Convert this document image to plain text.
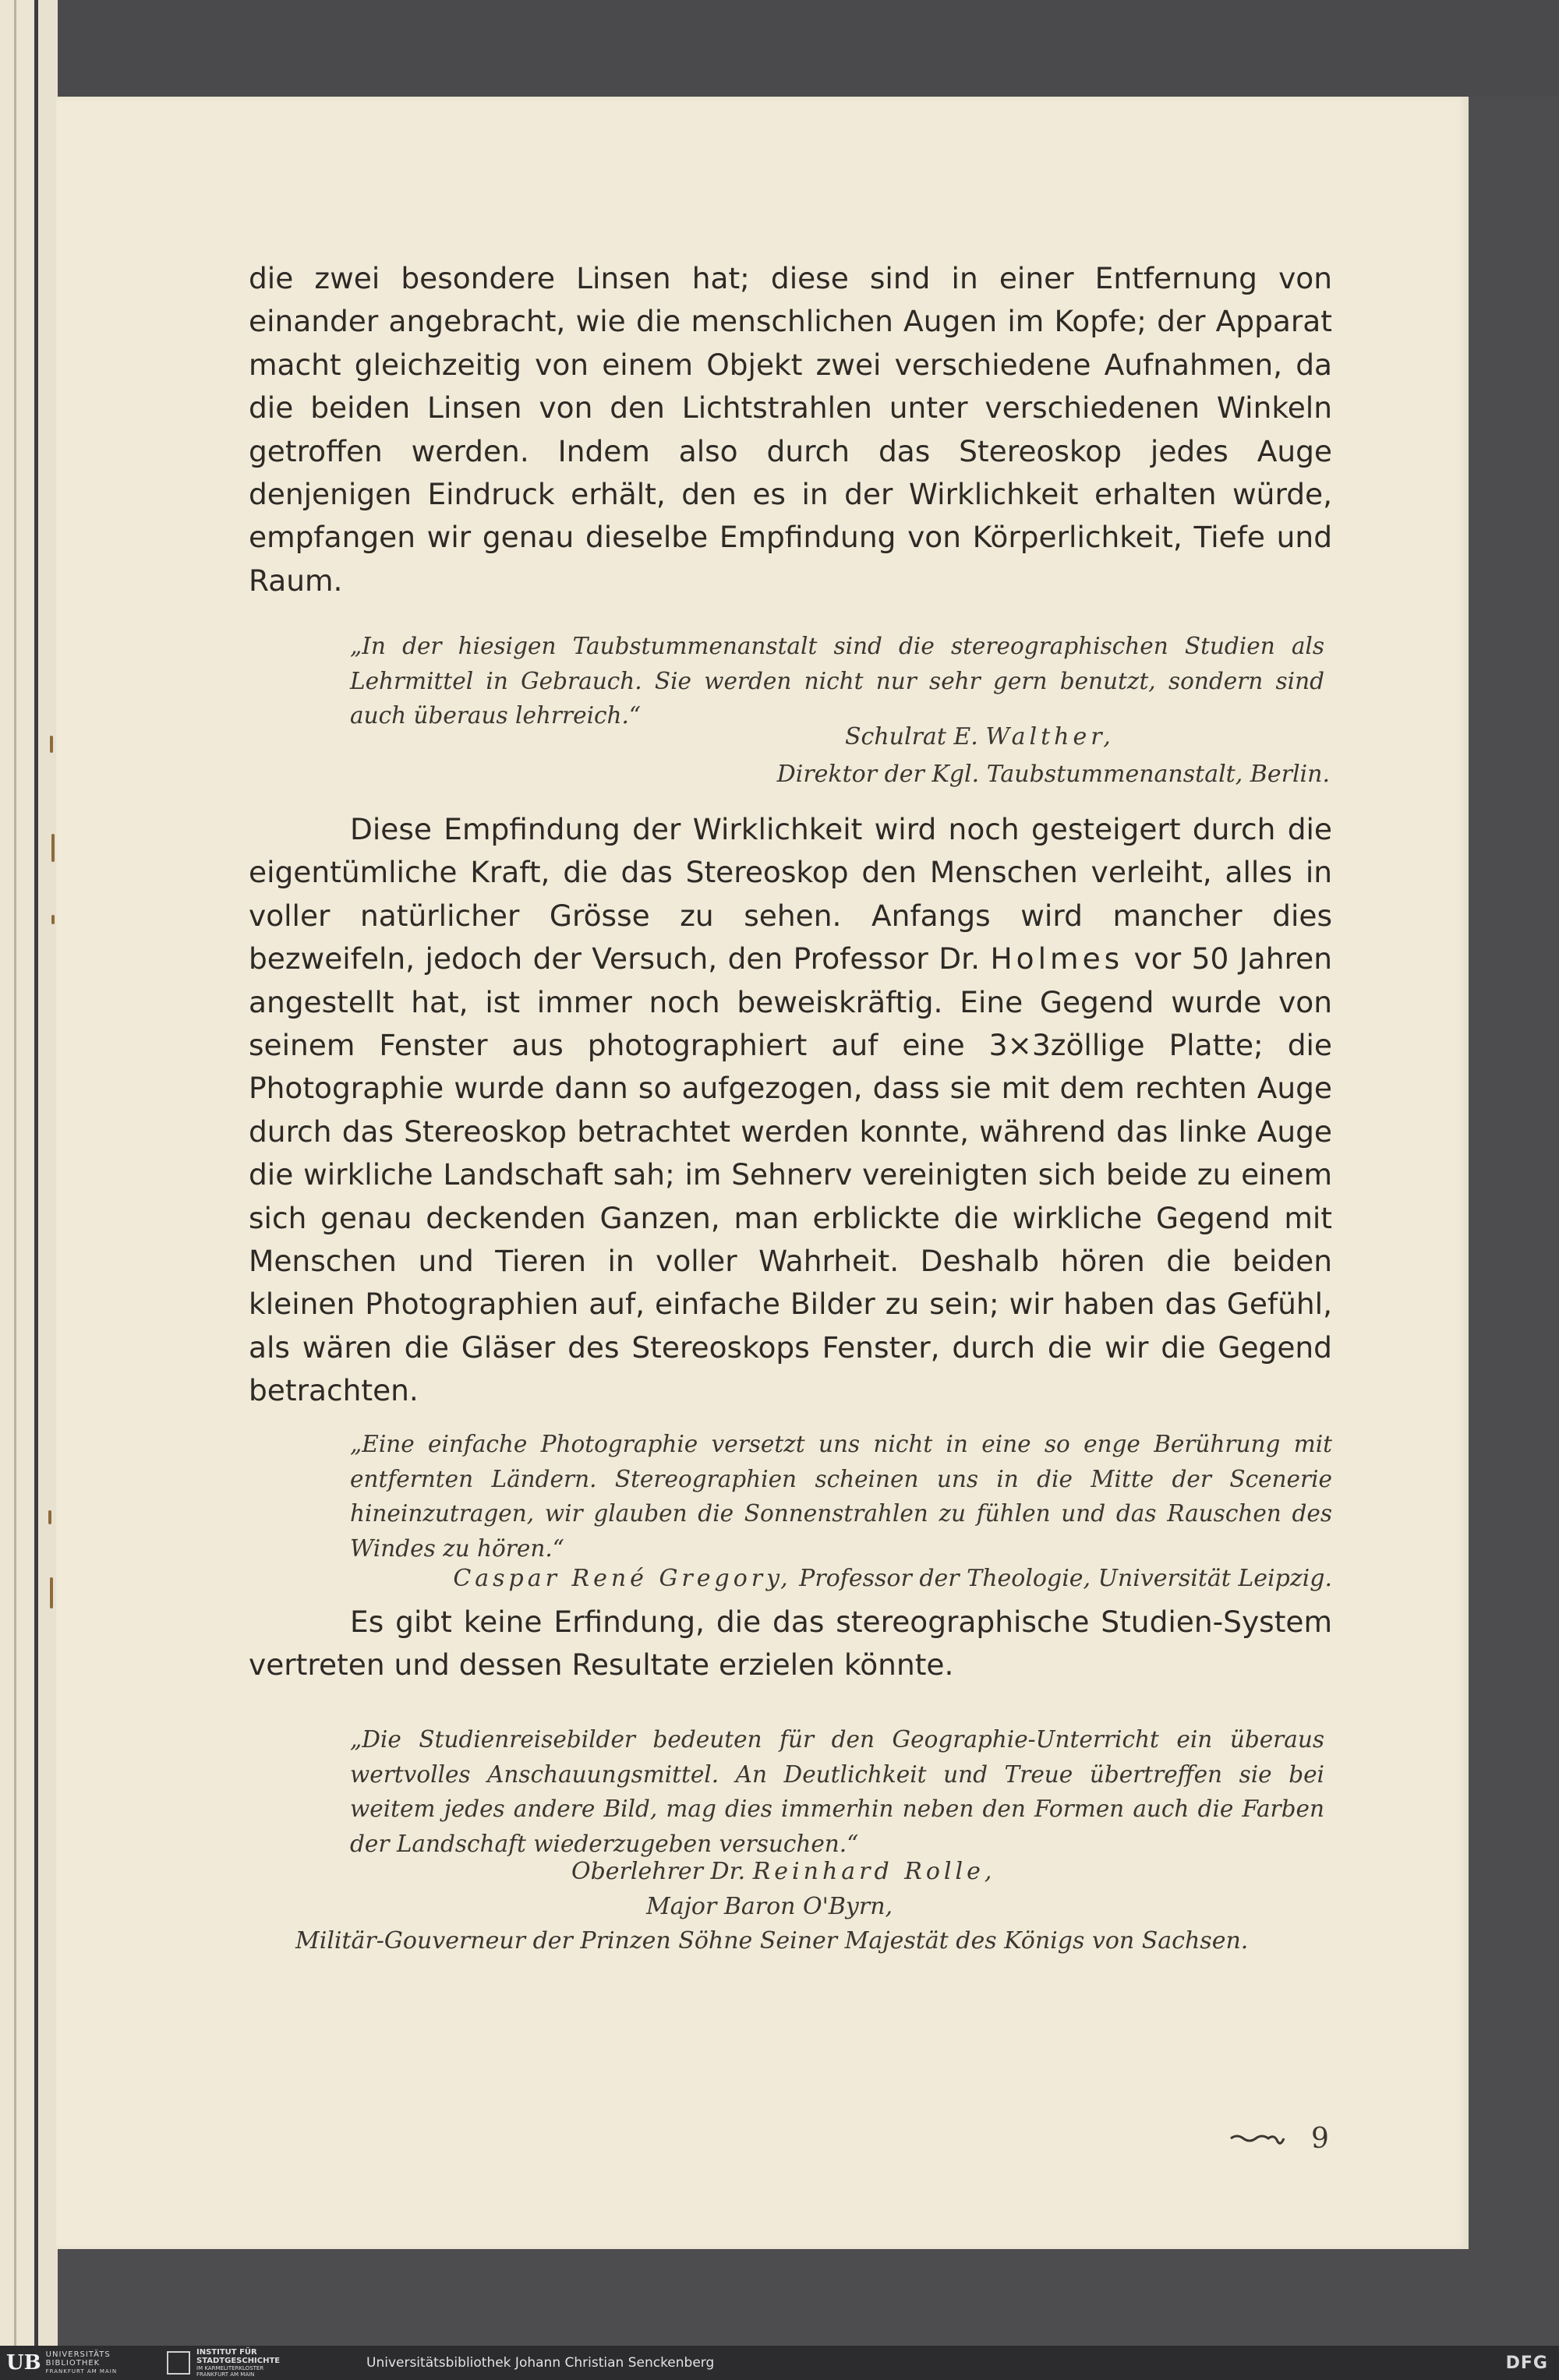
die zwei besondere Linsen hat; diese sind in einer Entfernung von einander angebracht, wie die menschlichen Augen im Kopfe; der Apparat macht gleichzeitig von einem Objekt zwei verschiedene Aufnahmen, da die beiden Linsen von den Lichtstrahlen unter verschiedenen Winkeln getroffen werden. Indem also durch das Stereoskop jedes Auge denjenigen Eindruck erhält, den es in der Wirklichkeit erhalten würde, empfangen wir genau dieselbe Empfindung von Körperlichkeit, Tiefe und Raum.

„In der hiesigen Taubstummenanstalt sind die stereographischen Studien als Lehrmittel in Gebrauch. Sie werden nicht nur sehr gern benutzt, sondern sind auch überaus lehrreich.“

Schulrat E. Walther,

Direktor der Kgl. Taubstummenanstalt, Berlin.

Diese Empfindung der Wirklichkeit wird noch gesteigert durch die eigentümliche Kraft, die das Stereoskop den Menschen verleiht, alles in voller natürlicher Grösse zu sehen. Anfangs wird mancher dies bezweifeln, jedoch der Versuch, den Professor Dr. Holmes vor 50 Jahren angestellt hat, ist immer noch beweiskräftig. Eine Gegend wurde von seinem Fenster aus photographiert auf eine 3×3zöllige Platte; die Photographie wurde dann so aufgezogen, dass sie mit dem rechten Auge durch das Stereoskop betrachtet werden konnte, während das linke Auge die wirkliche Landschaft sah; im Sehnerv vereinigten sich beide zu einem sich genau deckenden Ganzen, man erblickte die wirkliche Gegend mit Menschen und Tieren in voller Wahrheit. Deshalb hören die beiden kleinen Photographien auf, einfache Bilder zu sein; wir haben das Gefühl, als wären die Gläser des Stereoskops Fenster, durch die wir die Gegend betrachten.

„Eine einfache Photographie versetzt uns nicht in eine so enge Berührung mit entfernten Ländern. Stereographien scheinen uns in die Mitte der Scenerie hineinzutragen, wir glauben die Sonnenstrahlen zu fühlen und das Rauschen des Windes zu hören.“

Caspar René Gregory, Professor der Theologie, Universität Leipzig.

Es gibt keine Erfindung, die das stereographische Studien-System vertreten und dessen Resultate erzielen könnte.

„Die Studienreisebilder bedeuten für den Geographie-Unterricht ein überaus wertvolles Anschauungsmittel. An Deutlichkeit und Treue übertreffen sie bei weitem jedes andere Bild, mag dies immerhin neben den Formen auch die Farben der Landschaft wiederzugeben versuchen.“

Oberlehrer Dr. Reinhard Rolle,

Major Baron O'Byrn,

Militär-Gouverneur der Prinzen Söhne Seiner Majestät des Königs von Sachsen.

9
UB UNIVERSITÄTS
BIBLIOTHEK
FRANKFURT AM MAIN
INSTITUT FÜR
STADTGESCHICHTE
IM KARMELITERKLOSTER
FRANKFURT AM MAIN
Universitätsbibliothek Johann Christian Senckenberg	DFG
